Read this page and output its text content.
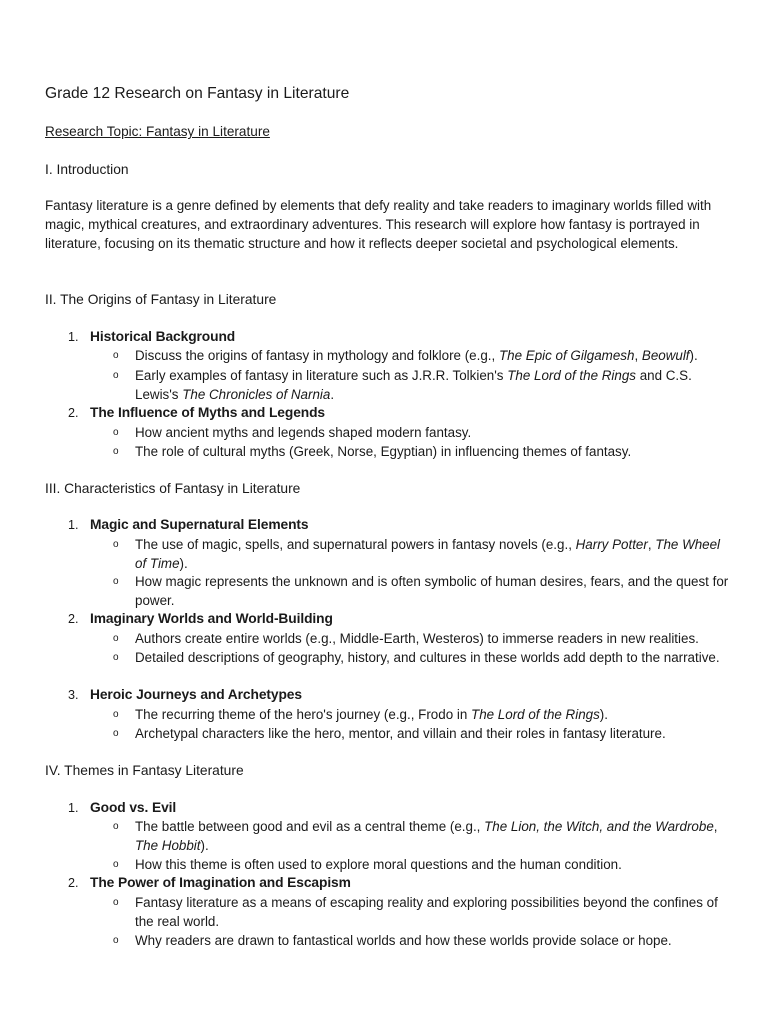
Grade 12 Research on Fantasy in Literature
Research Topic: Fantasy in Literature
I. Introduction

Fantasy literature is a genre defined by elements that defy reality and take readers to imaginary worlds filled with magic, mythical creatures, and extraordinary adventures. This research will explore how fantasy is portrayed in literature, focusing on its thematic structure and how it reflects deeper societal and psychological elements.

II. The Origins of Fantasy in Literature
1. Historical Background
o Discuss the origins of fantasy in mythology and folklore (e.g., The Epic of Gilgamesh, Beowulf).

o Early examples of fantasy in literature such as J.R.R. Tolkien's The Lord of the Rings and C.S. Lewis's The Chronicles of Narnia.

2. The Influence of Myths and Legends
o How ancient myths and legends shaped modern fantasy.

o The role of cultural myths (Greek, Norse, Egyptian) in influencing themes of fantasy.

III. Characteristics of Fantasy in Literature
1. Magic and Supernatural Elements
o The use of magic, spells, and supernatural powers in fantasy novels (e.g., Harry Potter, The Wheel of Time).

o How magic represents the unknown and is often symbolic of human desires, fears, and the quest for power.

2. Imaginary Worlds and World-Building
o Authors create entire worlds (e.g., Middle-Earth, Westeros) to immerse readers in new realities.

o Detailed descriptions of geography, history, and cultures in these worlds add depth to the narrative.

3. Heroic Journeys and Archetypes
o The recurring theme of the hero's journey (e.g., Frodo in The Lord of the Rings).

o Archetypal characters like the hero, mentor, and villain and their roles in fantasy literature.

IV. Themes in Fantasy Literature
1. Good vs. Evil
o The battle between good and evil as a central theme (e.g., The Lion, the Witch, and the Wardrobe, The Hobbit).

o How this theme is often used to explore moral questions and the human condition.

2. The Power of Imagination and Escapism
o Fantasy literature as a means of escaping reality and exploring possibilities beyond the confines of the real world.

o Why readers are drawn to fantastical worlds and how these worlds provide solace or hope.
